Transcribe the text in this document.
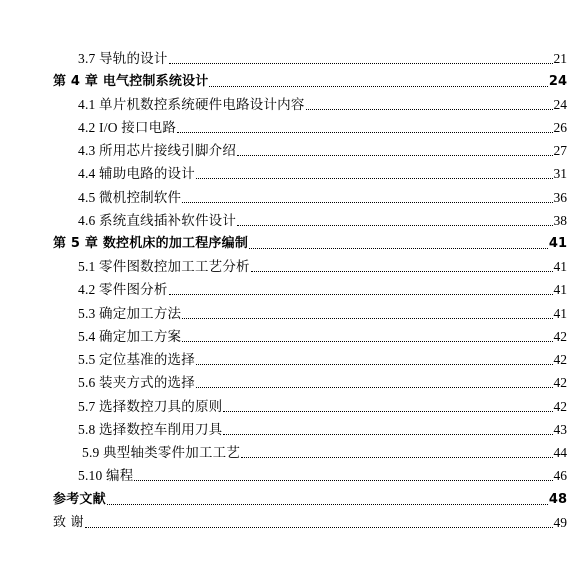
3.7 导轨的设计	21
第 4 章 电气控制系统设计	24
4.1 单片机数控系统硬件电路设计内容	24
4.2 I/O 接口电路	26
4.3 所用芯片接线引脚介绍	27
4.4 辅助电路的设计	31
4.5 微机控制软件	36
4.6 系统直线插补软件设计	38
第 5 章 数控机床的加工程序编制	41
5.1 零件图数控加工工艺分析	41
4.2 零件图分析	41
5.3 确定加工方法	41
5.4 确定加工方案	42
5.5 定位基准的选择	42
5.6 装夹方式的选择	42
5.7 选择数控刀具的原则	42
5.8 选择数控车削用刀具	43
5.9 典型轴类零件加工工艺	44
5.10 编程	46
参考文献	48
致 谢	49
